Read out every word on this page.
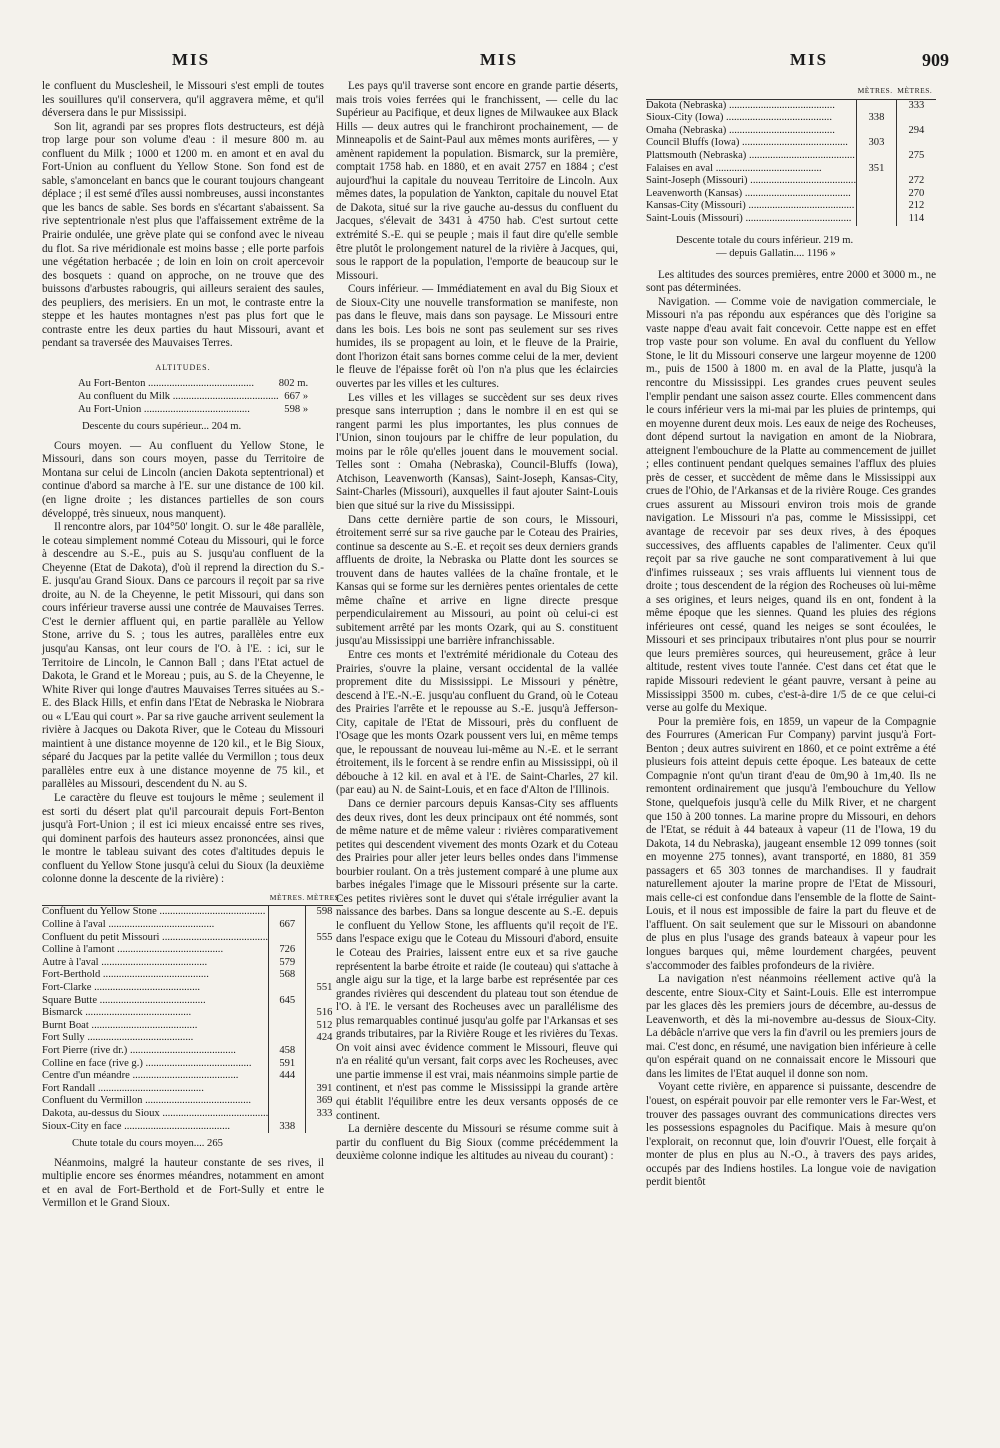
MIS	MIS	MIS	909

le confluent du Musclesheil, le Missouri s'est empli de toutes les souillures qu'il conservera, qu'il aggravera même, et qu'il déversera dans le pur Mississipi.

Son lit, agrandi par ses propres flots destructeurs, est déjà trop large pour son volume d'eau : il mesure 800 m. au confluent du Milk ; 1000 et 1200 m. en amont et en aval du Fort-Union au confluent du Yellow Stone. Son fond est de sable, s'amoncelant en bancs que le courant toujours changeant déplace ; il est semé d'îles aussi nombreuses, aussi inconstantes que les bancs de sable. Ses bords en s'écartant s'abaissent. Sa rive septentrionale n'est plus que l'affaissement extrême de la Prairie ondulée, une grève plate qui se confond avec le niveau du flot. Sa rive méridionale est moins basse ; elle porte parfois une végétation herbacée ; de loin en loin on croit apercevoir des bosquets : quand on approche, on ne trouve que des buissons d'arbustes rabougris, qui ailleurs seraient des saules, des peupliers, des merisiers. En un mot, le contraste entre la steppe et les hautes montagnes n'est pas plus fort que le contraste entre les deux parties du haut Missouri, avant et pendant sa traversée des Mauvaises Terres.

ALTITUDES.
Au Fort-Benton ........................................	802 m.
Au confluent du Milk ........................................	667 »
Au Fort-Union ........................................	598 »
Descente du cours supérieur... 204 m.

Cours moyen. — Au confluent du Yellow Stone, le Missouri, dans son cours moyen, passe du Territoire de Montana sur celui de Lincoln (ancien Dakota septentrional) et continue d'abord sa marche à l'E. sur une distance de 100 kil. (en ligne droite ; les distances partielles de son cours développé, très sinueux, nous manquent).

Il rencontre alors, par 104°50' longit. O. sur le 48e parallèle, le coteau simplement nommé Coteau du Missouri, qui le force à descendre au S.-E., puis au S. jusqu'au confluent de la Cheyenne (Etat de Dakota), d'où il reprend la direction du S.-E. jusqu'au Grand Sioux. Dans ce parcours il reçoit par sa rive droite, au N. de la Cheyenne, le petit Missouri, qui dans son cours inférieur traverse aussi une contrée de Mauvaises Terres. C'est le dernier affluent qui, en partie parallèle au Yellow Stone, arrive du S. ; tous les autres, parallèles entre eux jusqu'au Kansas, ont leur cours de l'O. à l'E. : ici, sur le Territoire de Lincoln, le Cannon Ball ; dans l'Etat actuel de Dakota, le Grand et le Moreau ; puis, au S. de la Cheyenne, le White River qui longe d'autres Mauvaises Terres situées au S.-E. des Black Hills, et enfin dans l'Etat de Nebraska le Niobrara ou « L'Eau qui court ». Par sa rive gauche arrivent seulement la rivière à Jacques ou Dakota River, que le Coteau du Missouri maintient à une distance moyenne de 120 kil., et le Big Sioux, séparé du Jacques par la petite vallée du Vermillon ; tous deux parallèles entre eux à une distance moyenne de 75 kil., et parallèles au Missouri, descendent du N. au S.

Le caractère du fleuve est toujours le même ; seulement il est sorti du désert plat qu'il parcourait depuis Fort-Benton jusqu'à Fort-Union ; il est ici mieux encaissé entre ses rives, qui dominent parfois des hauteurs assez prononcées, ainsi que le montre le tableau suivant des cotes d'altitudes depuis le confluent du Yellow Stone jusqu'à celui du Sioux (la deuxième colonne donne la descente de la rivière) :

	MÈTRES.	MÈTRES.
Confluent du Yellow Stone ........................................		598
Colline à l'aval ........................................	667	
Confluent du petit Missouri ........................................		555
Colline à l'amont ........................................	726	
Autre à l'aval ........................................	579	
Fort-Berthold ........................................	568	
Fort-Clarke ........................................		551
Square Butte ........................................	645	
Bismarck ........................................		516
Burnt Boat ........................................		512
Fort Sully ........................................		424
Fort Pierre (rive dr.) ........................................	458	
Colline en face (rive g.) ........................................	591	
Centre d'un méandre ........................................	444	
Fort Randall ........................................		391
Confluent du Vermillon ........................................		369
Dakota, au-dessus du Sioux ........................................		333
Sioux-City en face ........................................	338	
Chute totale du cours moyen.... 265

Néanmoins, malgré la hauteur constante de ses rives, il multiplie encore ses énormes méandres, notamment en amont et en aval de Fort-Berthold et de Fort-Sully et entre le Vermillon et le Grand Sioux.

Les pays qu'il traverse sont encore en grande partie déserts, mais trois voies ferrées qui le franchissent, — celle du lac Supérieur au Pacifique, et deux lignes de Milwaukee aux Black Hills — deux autres qui le franchiront prochainement, — de Minneapolis et de Saint-Paul aux mêmes monts aurifères, — y amènent rapidement la population. Bismarck, sur la première, comptait 1758 hab. en 1880, et en avait 2757 en 1884 ; c'est aujourd'hui la capitale du nouveau Territoire de Lincoln. Aux mêmes dates, la population de Yankton, capitale du nouvel Etat de Dakota, situé sur la rive gauche au-dessus du confluent du Jacques, s'élevait de 3431 à 4750 hab. C'est surtout cette extrémité S.-E. qui se peuple ; mais il faut dire qu'elle semble être plutôt le prolongement naturel de la rivière à Jacques, qui, sous le rapport de la population, l'emporte de beaucoup sur le Missouri.

Cours inférieur. — Immédiatement en aval du Big Sioux et de Sioux-City une nouvelle transformation se manifeste, non pas dans le fleuve, mais dans son paysage. Le Missouri entre dans les bois. Les bois ne sont pas seulement sur ses rives humides, ils se propagent au loin, et le fleuve de la Prairie, dont l'horizon était sans bornes comme celui de la mer, devient le fleuve de l'épaisse forêt où l'on n'a plus que les éclaircies ouvertes par les villes et les cultures.

Les villes et les villages se succèdent sur ses deux rives presque sans interruption ; dans le nombre il en est qui se rangent parmi les plus importantes, les plus connues de l'Union, sinon toujours par le chiffre de leur population, du moins par le rôle qu'elles jouent dans le mouvement social. Telles sont : Omaha (Nebraska), Council-Bluffs (Iowa), Atchison, Leavenworth (Kansas), Saint-Joseph, Kansas-City, Saint-Charles (Missouri), auxquelles il faut ajouter Saint-Louis bien que situé sur la rive du Mississippi.

Dans cette dernière partie de son cours, le Missouri, étroitement serré sur sa rive gauche par le Coteau des Prairies, continue sa descente au S.-E. et reçoit ses deux derniers grands affluents de droite, la Nebraska ou Platte dont les sources se trouvent dans de hautes vallées de la chaîne frontale, et le Kansas qui se forme sur les dernières pentes orientales de cette même chaîne et arrive en ligne directe presque perpendiculairement au Missouri, au point où celui-ci est subitement arrêté par les monts Ozark, qui au S. constituent jusqu'au Mississippi une barrière infranchissable.

Entre ces monts et l'extrémité méridionale du Coteau des Prairies, s'ouvre la plaine, versant occidental de la vallée proprement dite du Mississippi. Le Missouri y pénètre, descend à l'E.-N.-E. jusqu'au confluent du Grand, où le Coteau des Prairies l'arrête et le repousse au S.-E. jusqu'à Jefferson-City, capitale de l'Etat de Missouri, près du confluent de l'Osage que les monts Ozark poussent vers lui, en même temps que, le repoussant de nouveau lui-même au N.-E. et le serrant étroitement, ils le forcent à se rendre enfin au Mississippi, où il débouche à 12 kil. en aval et à l'E. de Saint-Charles, 27 kil. (par eau) au N. de Saint-Louis, et en face d'Alton de l'Illinois.

Dans ce dernier parcours depuis Kansas-City ses affluents des deux rives, dont les deux principaux ont été nommés, sont de même nature et de même valeur : rivières comparativement petites qui descendent vivement des monts Ozark et du Coteau des Prairies pour aller jeter leurs belles ondes dans l'immense bourbier roulant. On a très justement comparé à une plume aux barbes inégales l'image que le Missouri présente sur la carte. Ces petites rivières sont le duvet qui s'étale irrégulier avant la naissance des barbes. Dans sa longue descente au S.-E. depuis le confluent du Yellow Stone, les affluents qu'il reçoit de l'E. dans l'espace exigu que le Coteau du Missouri d'abord, ensuite le Coteau des Prairies, laissent entre eux et sa rive gauche représentent la barbe étroite et raide (le couteau) qui s'attache à angle aigu sur la tige, et la large barbe est représentée par ces grandes rivières qui descendent du plateau tout son étendue de l'O. à l'E. le versant des Rocheuses avec un parallélisme des plus remarquables continué jusqu'au golfe par l'Arkansas et ses grands tributaires, par la Rivière Rouge et les rivières du Texas. On voit ainsi avec évidence comment le Missouri, fleuve qui n'a en réalité qu'un versant, fait corps avec les Rocheuses, avec une partie immense il est vrai, mais néanmoins simple partie de continent, et n'est pas comme le Mississippi la grande artère qui établit l'équilibre entre les deux versants opposés de ce continent.

La dernière descente du Missouri se résume comme suit à partir du confluent du Big Sioux (comme précédemment la deuxième colonne indique les altitudes au niveau du courant) :

	MÈTRES.	MÈTRES.
Dakota (Nebraska) ........................................		333
Sioux-City (Iowa) ........................................	338	
Omaha (Nebraska) ........................................		294
Council Bluffs (Iowa) ........................................	303	
Plattsmouth (Nebraska) ........................................		275
Falaises en aval ........................................	351	
Saint-Joseph (Missouri) ........................................		272
Leavenworth (Kansas) ........................................		270
Kansas-City (Missouri) ........................................		212
Saint-Louis (Missouri) ........................................		114
Descente totale du cours inférieur. 219 m.
— depuis Gallatin.... 1196 »

Les altitudes des sources premières, entre 2000 et 3000 m., ne sont pas déterminées.

Navigation. — Comme voie de navigation commerciale, le Missouri n'a pas répondu aux espérances que dès l'origine sa vaste nappe d'eau avait fait concevoir. Cette nappe est en effet trop vaste pour son volume. En aval du confluent du Yellow Stone, le lit du Missouri conserve une largeur moyenne de 1200 m., puis de 1500 à 1800 m. en aval de la Platte, jusqu'à la rencontre du Mississippi. Les grandes crues peuvent seules l'emplir pendant une saison assez courte. Elles commencent dans le cours inférieur vers la mi-mai par les pluies de printemps, qui en moyenne durent deux mois. Les eaux de neige des Rocheuses, dont dépend surtout la navigation en amont de la Niobrara, atteignent l'embouchure de la Platte au commencement de juillet ; elles continuent pendant quelques semaines l'afflux des pluies près de cesser, et succèdent de même dans le Mississippi aux crues de l'Ohio, de l'Arkansas et de la rivière Rouge. Ces grandes crues assurent au Missouri environ trois mois de grande navigation. Le Missouri n'a pas, comme le Mississippi, cet avantage de recevoir par ses deux rives, à des époques successives, des affluents capables de l'alimenter. Ceux qu'il reçoit par sa rive gauche ne sont comparativement à lui que d'infimes ruisseaux ; ses vrais affluents lui viennent tous de droite ; tous descendent de la région des Rocheuses où lui-même a ses origines, et leurs neiges, quand ils en ont, fondent à la même époque que les siennes. Quand les pluies des régions inférieures ont cessé, quand les neiges se sont écoulées, le Missouri et ses principaux tributaires n'ont plus pour se nourrir que leurs premières sources, qui heureusement, grâce à leur altitude, restent vives toute l'année. C'est dans cet état que le rapide Missouri redevient le géant pauvre, versant à peine au Mississippi 3500 m. cubes, c'est-à-dire 1/5 de ce que celui-ci verse au golfe du Mexique.

Pour la première fois, en 1859, un vapeur de la Compagnie des Fourrures (American Fur Company) parvint jusqu'à Fort-Benton ; deux autres suivirent en 1860, et ce point extrême a été plusieurs fois atteint depuis cette époque. Les bateaux de cette Compagnie n'ont qu'un tirant d'eau de 0m,90 à 1m,40. Ils ne remontent ordinairement que jusqu'à l'embouchure du Yellow Stone, quelquefois jusqu'à celle du Milk River, et ne chargent que 150 à 200 tonnes. La marine propre du Missouri, en dehors de l'Etat, se réduit à 44 bateaux à vapeur (11 de l'Iowa, 19 du Dakota, 14 du Nebraska), jaugeant ensemble 12 099 tonnes (soit en moyenne 275 tonnes), avant transporté, en 1880, 81 359 passagers et 65 303 tonnes de marchandises. Il y faudrait naturellement ajouter la marine propre de l'Etat de Missouri, mais celle-ci est confondue dans l'ensemble de la flotte de Saint-Louis, et il nous est impossible de faire la part du fleuve et de l'affluent. On sait seulement que sur le Missouri on abandonne de plus en plus l'usage des grands bateaux à vapeur pour les longues barques qui, même lourdement chargées, peuvent s'accommoder des faibles profondeurs de la rivière.

La navigation n'est néanmoins réellement active qu'à la descente, entre Sioux-City et Saint-Louis. Elle est interrompue par les glaces dès les premiers jours de décembre, au-dessus de Leavenworth, et dès la mi-novembre au-dessus de Sioux-City. La débâcle n'arrive que vers la fin d'avril ou les premiers jours de mai. C'est donc, en résumé, une navigation bien inférieure à celle qu'on espérait quand on ne connaissait encore le Missouri que dans les limites de l'Etat auquel il donne son nom.

Voyant cette rivière, en apparence si puissante, descendre de l'ouest, on espérait pouvoir par elle remonter vers le Far-West, et trouver des passages ouvrant des communications directes vers les possessions espagnoles du Pacifique. Mais à mesure qu'on l'explorait, on reconnut que, loin d'ouvrir l'Ouest, elle forçait à monter de plus en plus au N.-O., à travers des pays arides, occupés par des Indiens hostiles. La longue voie de navigation perdit bientôt
